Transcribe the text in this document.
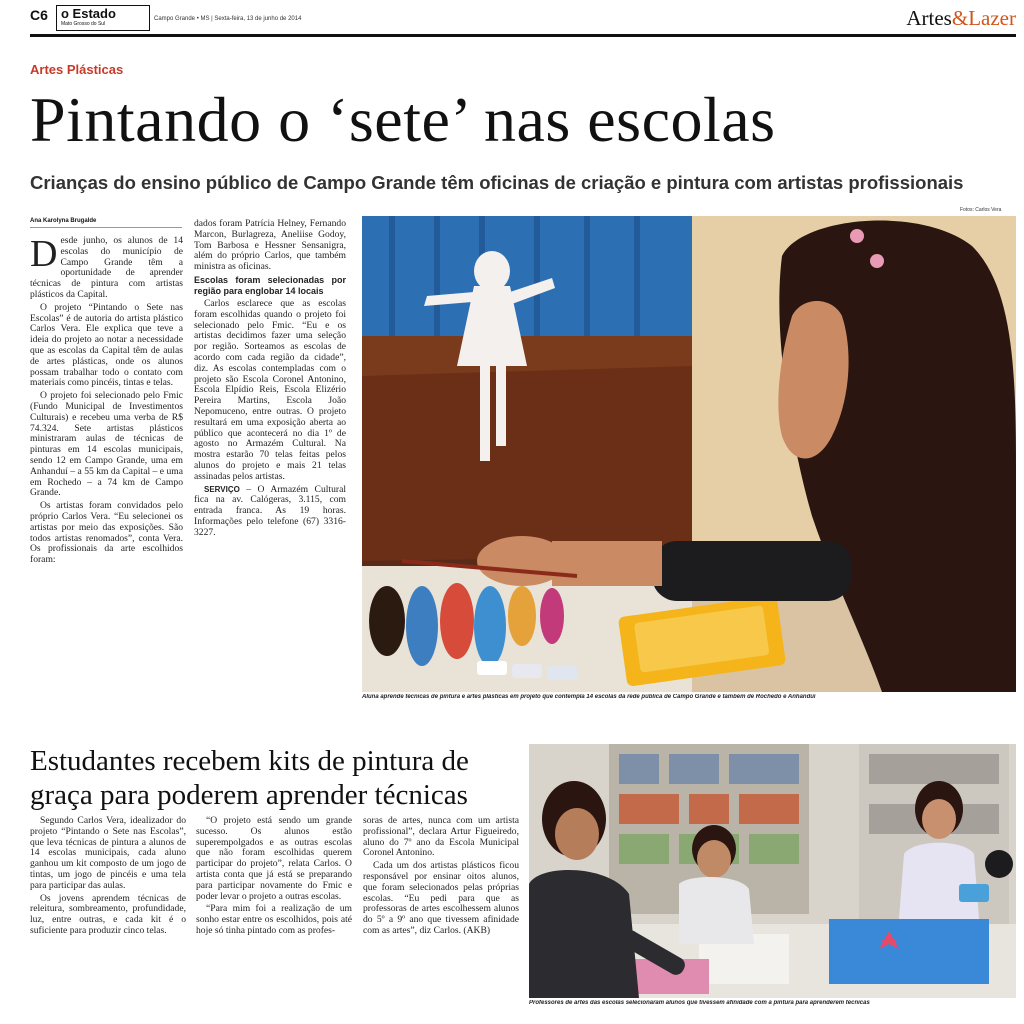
C6 o Estado
Mato Grosso do Sul
Campo Grande • MS | Sexta-feira, 13 de junho de 2014	Artes&Lazer
Artes Plásticas
Pintando o ‘sete’ nas escolas
Crianças do ensino público de Campo Grande têm oficinas de criação e pintura com artistas profissionais
Ana Karolyna Brugalde
Fotos: Carlos Vera

Desde junho, os alunos de 14 escolas do município de Campo Grande têm a oportunidade de aprender técnicas de pintura com artistas plásticos da Capital.

O projeto “Pintando o Sete nas Escolas” é de autoria do artista plástico Carlos Vera. Ele explica que teve a ideia do projeto ao notar a necessidade que as escolas da Capital têm de aulas de artes plásticas, onde os alunos possam trabalhar todo o contato com materiais como pincéis, tintas e telas.

O projeto foi selecionado pelo Fmic (Fundo Municipal de Investimentos Culturais) e recebeu uma verba de R$ 74.324. Sete artistas plásticos ministraram aulas de técnicas de pinturas em 14 escolas municipais, sendo 12 em Campo Grande, uma em Anhanduí – a 55 km da Capital – e uma em Rochedo – a 74 km de Campo Grande.

Os artistas foram convidados pelo próprio Carlos Vera. “Eu selecionei os artistas por meio das exposições. São todos artistas renomados”, conta Vera. Os profissionais da arte escolhidos foram:

dados foram Patrícia Helney, Fernando Marcon, Burlagreza, Aneliise Godoy, Tom Barbosa e Hessner Sensanigra, além do próprio Carlos, que também ministra as oficinas.

Escolas foram selecionadas por região para englobar 14 locais

Carlos esclarece que as escolas foram escolhidas quando o projeto foi selecionado pelo Fmic. “Eu e os artistas decidimos fazer uma seleção por região. Sorteamos as escolas de acordo com cada região da cidade”, diz. As escolas contempladas com o projeto são Escola Coronel Antonino, Escola Elpídio Reis, Escola Elizério Pereira Martins, Escola João Nepomuceno, entre outras. O projeto resultará em uma exposição aberta ao público que acontecerá no dia 1º de agosto no Armazém Cultural. Na mostra estarão 70 telas feitas pelos alunos do projeto e mais 21 telas assinadas pelos artistas.

SERVIÇO – O Armazém Cultural fica na av. Calógeras, 3.115, com entrada franca. As 19 horas. Informações pelo telefone (67) 3316-3227.

Aluna aprende técnicas de pintura e artes plásticas em projeto que contempla 14 escolas da rede pública de Campo Grande e também de Rochedo e Anhanduí
Estudantes recebem kits de pintura de
graça para poderem aprender técnicas

Segundo Carlos Vera, idealizador do projeto “Pintando o Sete nas Escolas”, que leva técnicas de pintura a alunos de 14 escolas municipais, cada aluno ganhou um kit composto de um jogo de tintas, um jogo de pincéis e uma tela para participar das aulas.

Os jovens aprendem técnicas de releitura, sombreamento, profundidade, luz, entre outras, e cada kit é o suficiente para produzir cinco telas.

“O projeto está sendo um grande sucesso. Os alunos estão superempolgados e as outras escolas que não foram escolhidas querem participar do projeto”, relata Carlos. O artista conta que já está se preparando para participar novamente do Fmic e poder levar o projeto a outras escolas.

“Para mim foi a realização de um sonho estar entre os escolhidos, pois até hoje só tinha pintado com as profes-

soras de artes, nunca com um artista profissional”, declara Artur Figueiredo, aluno do 7º ano da Escola Municipal Coronel Antonino.

Cada um dos artistas plásticos ficou responsável por ensinar oitos alunos, que foram selecionados pelas próprias escolas. “Eu pedi para que as professoras de artes escolhessem alunos do 5º a 9º ano que tivessem afinidade com as artes”, diz Carlos. (AKB)

Professores de artes das escolas selecionaram alunos que tivessem afinidade com a pintura para aprenderem técnicas
